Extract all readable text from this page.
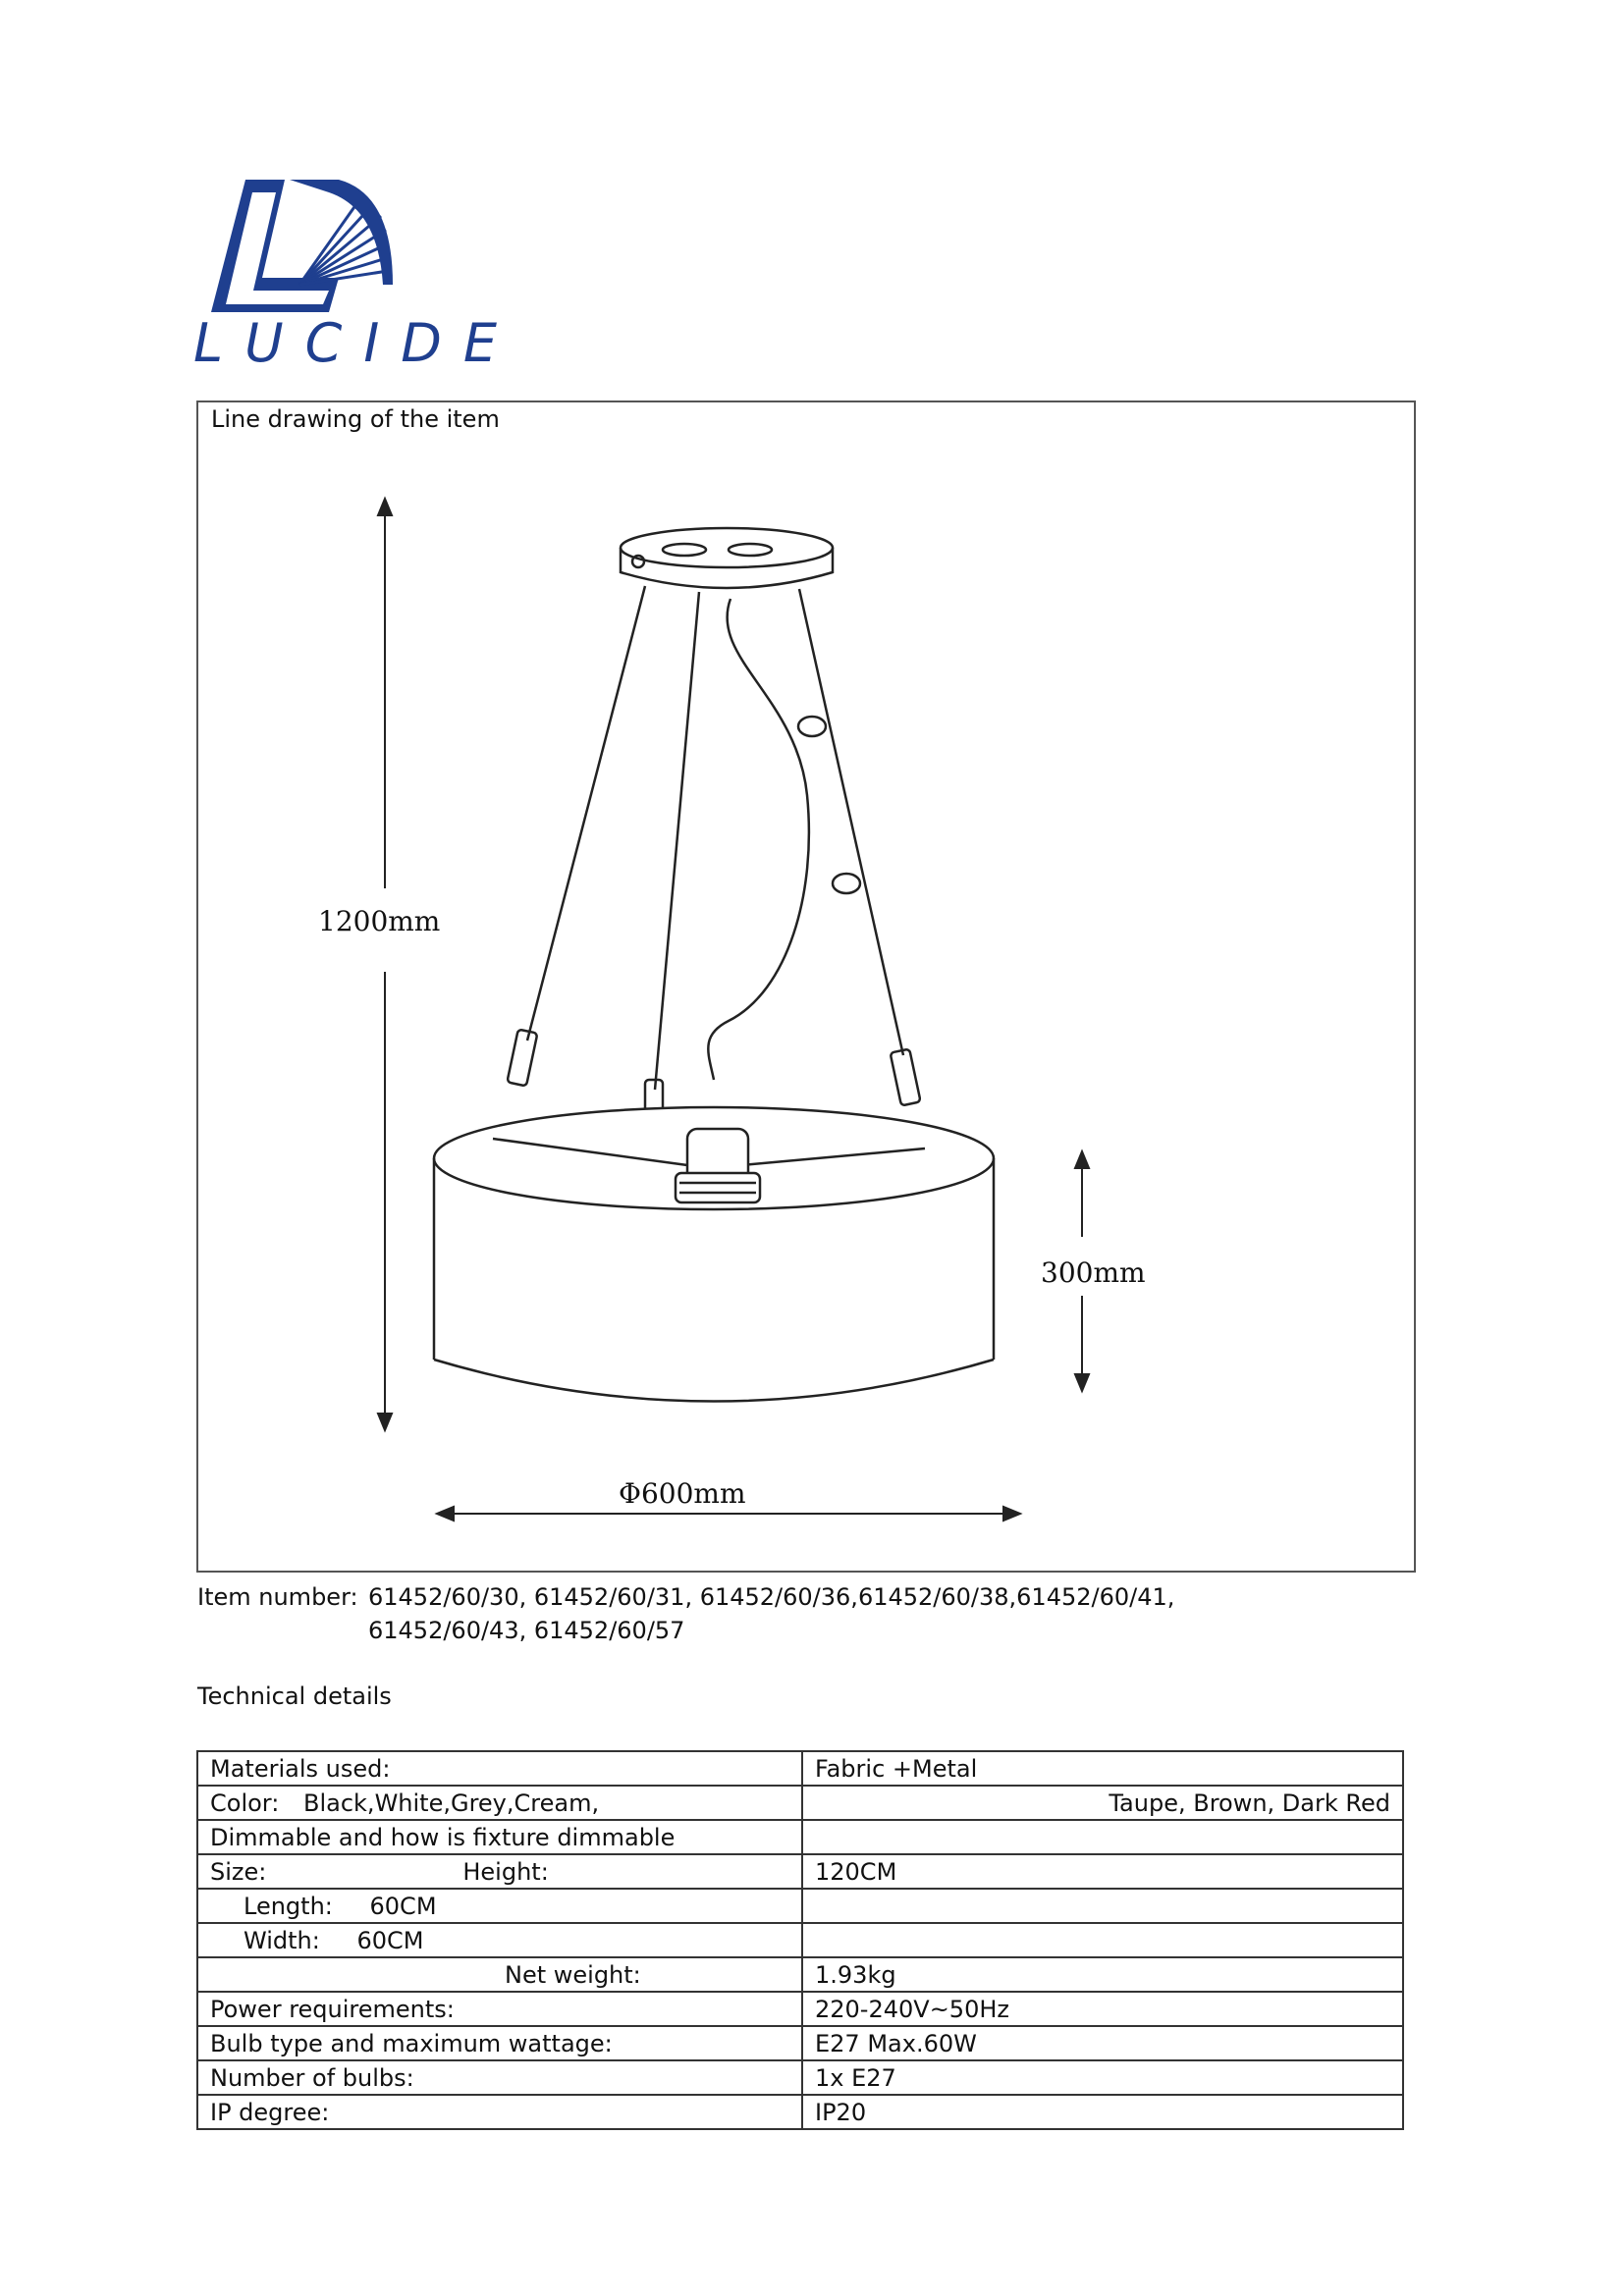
LUCIDE
Line drawing of the item
1200mm
300mm
Φ600mm
Item number: 61452/60/30, 61452/60/31, 61452/60/36,61452/60/38,61452/60/41,
61452/60/43, 61452/60/57
Technical details
Materials used:	Fabric +Metal
Color: Black,White,Grey,Cream,	Taupe, Brown, Dark Red

Dimmable and how is fixture dimmable	
Size: Height:	120CM
Length: 60CM	
Width: 60CM	
Net weight:	1.93kg
Power requirements:	220-240V~50Hz
Bulb type and maximum wattage:	E27 Max.60W
Number of bulbs:	1x E27
IP degree:	IP20
